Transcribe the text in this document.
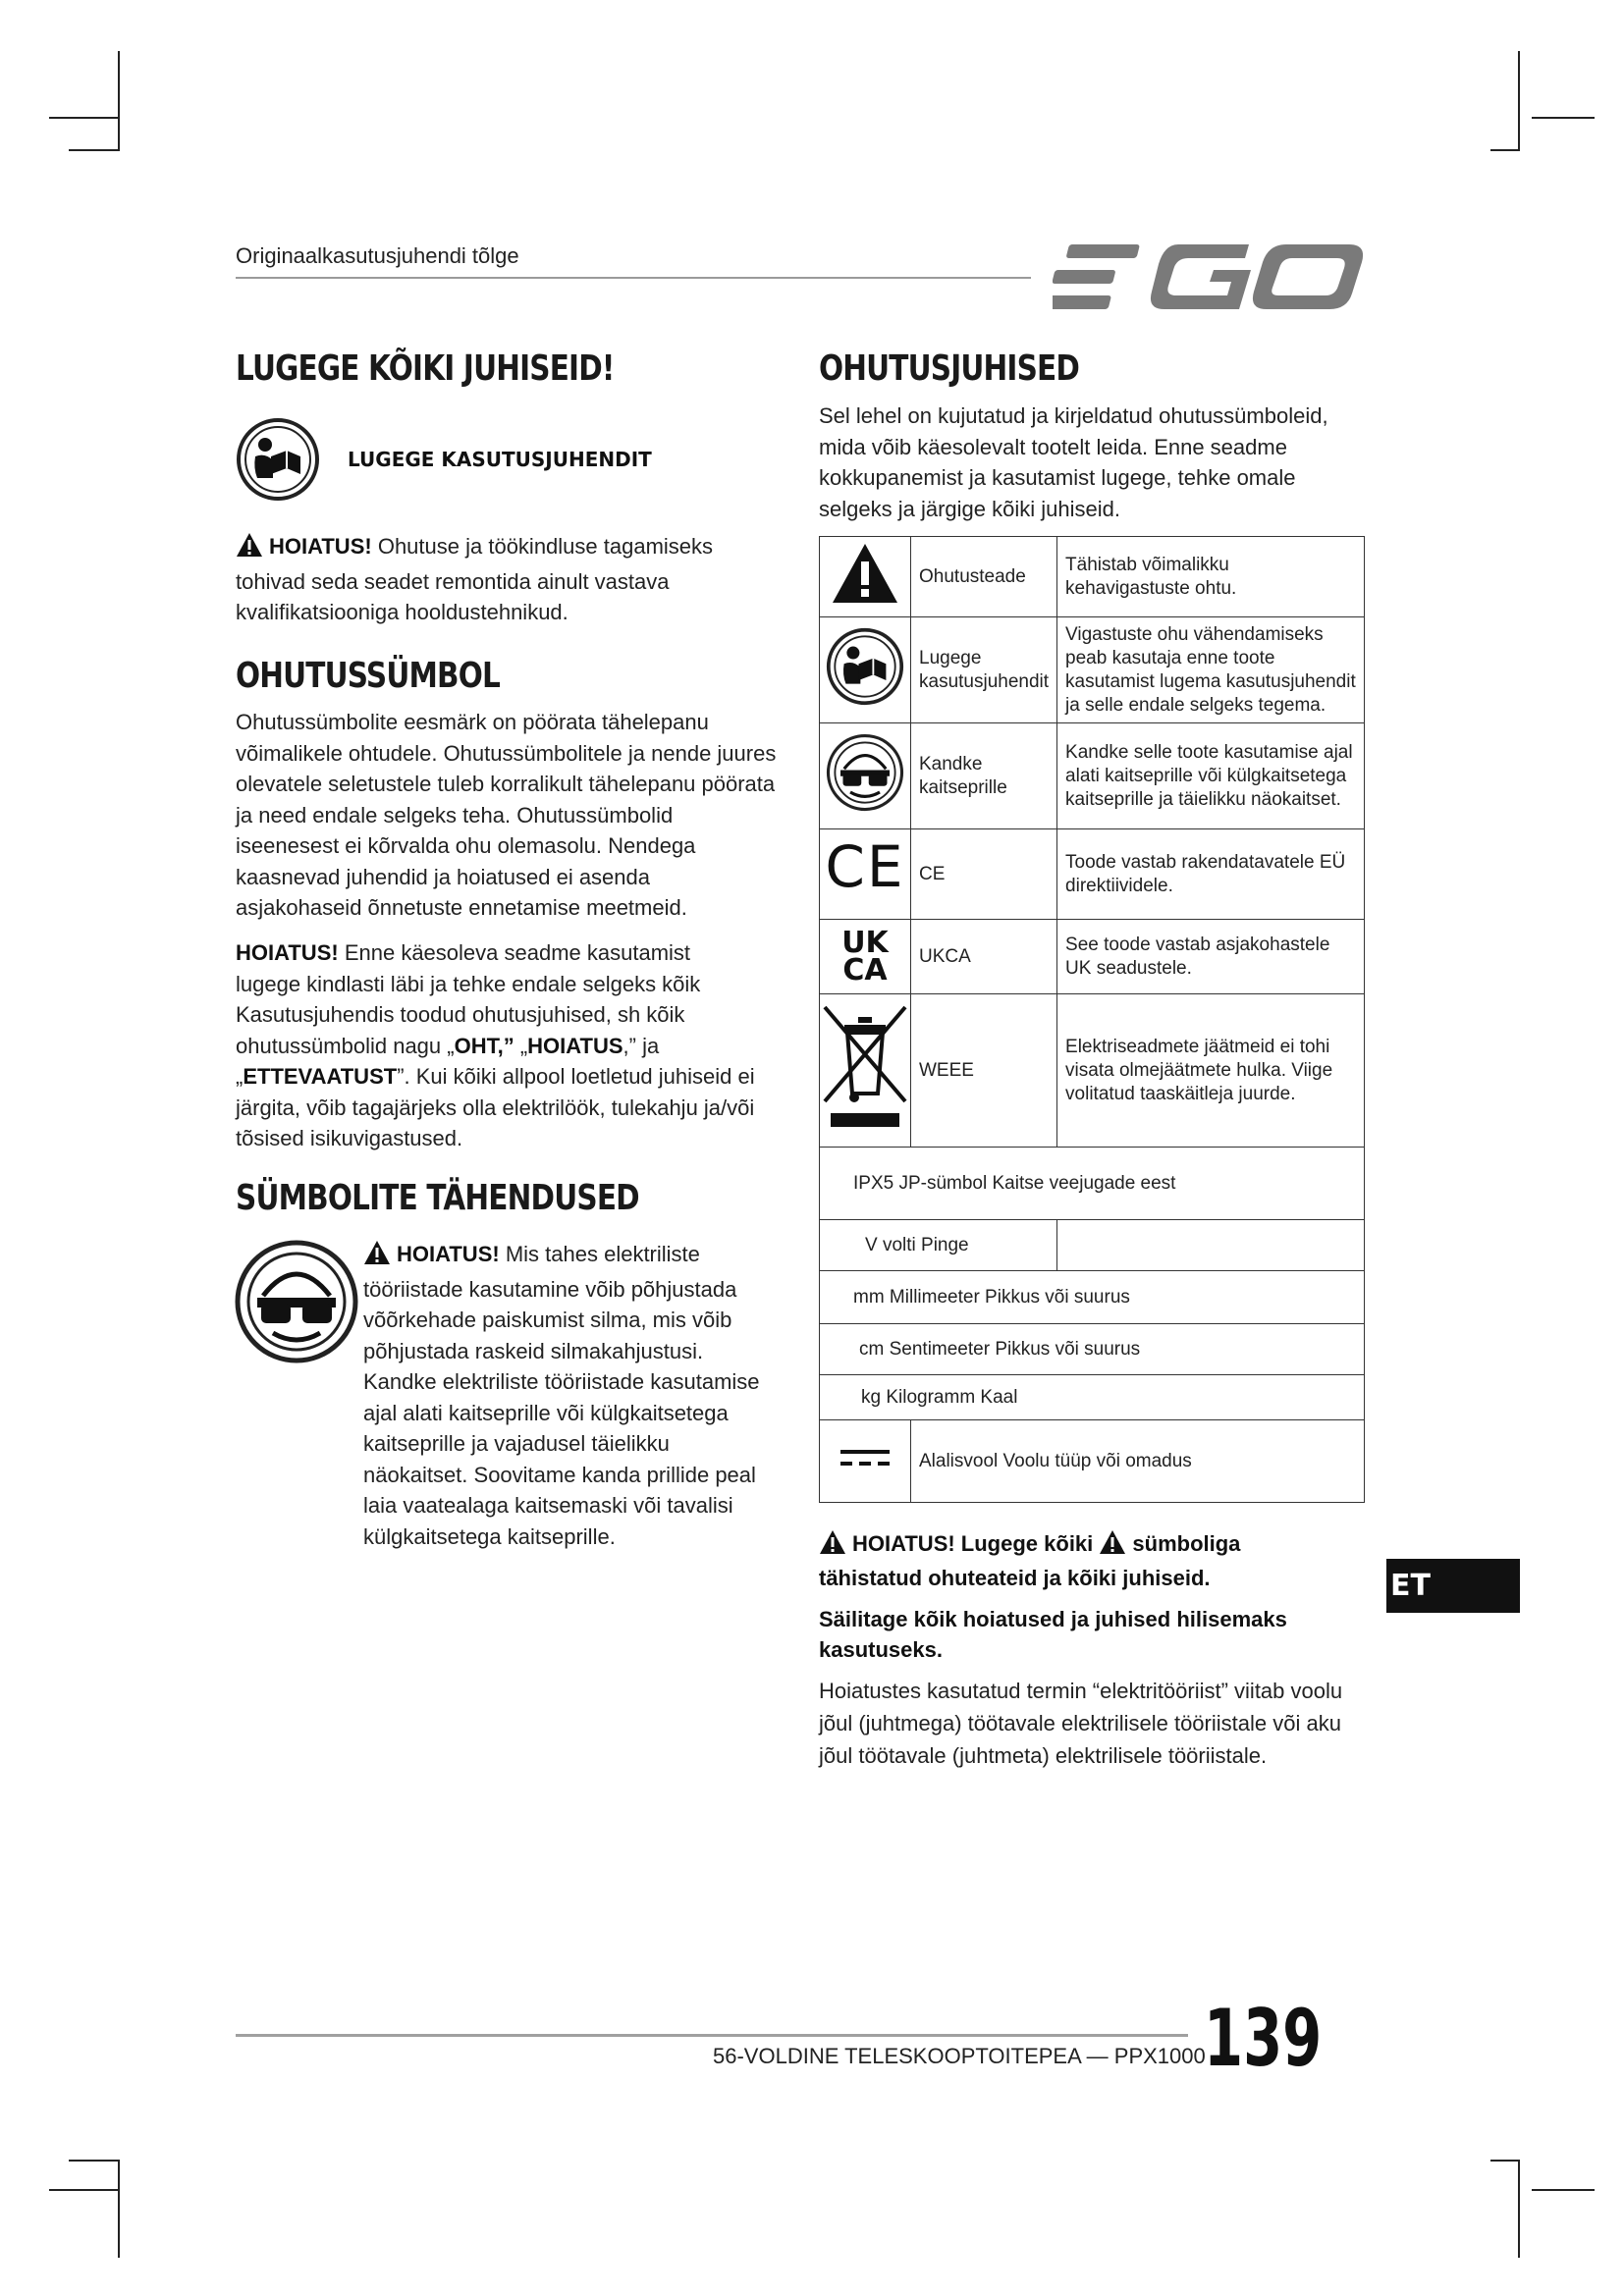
Originaalkasutusjuhendi tõlge
LUGEGE KÕIKI JUHISEID!
LUGEGE KASUTUSJUHENDIT
HOIATUS! Ohutuse ja töökindluse tagamiseks tohivad seda seadet remontida ainult vastava kvalifikatsiooniga hooldustehnikud.
OHUTUSSÜMBOL
Ohutussümbolite eesmärk on pöörata tähelepanu võimalikele ohtudele. Ohutussümbolitele ja nende juures olevatele seletustele tuleb korralikult tähelepanu pöörata ja need endale selgeks teha. Ohutussümbolid iseenesest ei kõrvalda ohu olemasolu. Nendega kaasnevad juhendid ja hoiatused ei asenda asjakohaseid õnnetuste ennetamise meetmeid.
HOIATUS! Enne käesoleva seadme kasutamist lugege kindlasti läbi ja tehke endale selgeks kõik Kasutusjuhendis toodud ohutusjuhised, sh kõik ohutussümbolid nagu „OHT,” „HOIATUS,” ja „ETTEVAATUST”. Kui kõiki allpool loetletud juhiseid ei järgita, võib tagajärjeks olla elektrilöök, tulekahju ja/või tõsised isikuvigastused.
SÜMBOLITE TÄHENDUSED
HOIATUS! Mis tahes elektriliste tööriistade kasutamine võib põhjustada võõrkehade paiskumist silma, mis võib põhjustada raskeid silmakahjustusi. Kandke elektriliste tööriistade kasutamise ajal alati kaitseprille või külgkaitsetega kaitseprille ja vajadusel täielikku näokaitset. Soovitame kanda prillide peal laia vaatealaga kaitsemaski või tavalisi külgkaitsetega kaitseprille.
OHUTUSJUHISED
Sel lehel on kujutatud ja kirjeldatud ohutussümboleid, mida võib käesolevalt tootelt leida. Enne seadme kokkupanemist ja kasutamist lugege, tehke omale selgeks ja järgige kõiki juhiseid.
	Ohutusteade	Tähistab võimalikku kehavigastuste ohtu.
	Lugege kasutusjuhendit	Vigastuste ohu vähendamiseks peab kasutaja enne toote kasutamist lugema kasutusjuhendit ja selle endale selgeks tegema.
	Kandke kaitseprille	Kandke selle toote kasutamise ajal alati kaitseprille või külgkaitsetega kaitseprille ja täielikku näokaitset.
CE	CE	Toode vastab rakendatavatele EÜ direktiividele.

UK
CA	UKCA	See toode vastab asjakohastele UK seadustele.
	WEEE	Elektriseadmete jäätmeid ei tohi visata olmejäätmete hulka. Viige volitatud taaskäitleja juurde.
IPX5 JP-sümbol Kaitse veejugade eest		
V volti Pinge		
mm Millimeeter Pikkus või suurus		
cm Sentimeeter Pikkus või suurus		
kg Kilogramm Kaal		
	Alalisvool Voolu tüüp või omadus	
HOIATUS! Lugege kõiki sümboliga tähistatud ohuteateid ja kõiki juhiseid.
Säilitage kõik hoiatused ja juhised hilisemaks kasutuseks.
Hoiatustes kasutatud termin “elektritööriist” viitab voolu jõul (juhtmega) töötavale elektrilisele tööriistale või aku jõul töötavale (juhtmeta) elektrilisele tööriistale.
ET
56-VOLDINE TELESKOOPTOITEPEA — PPX1000
139
